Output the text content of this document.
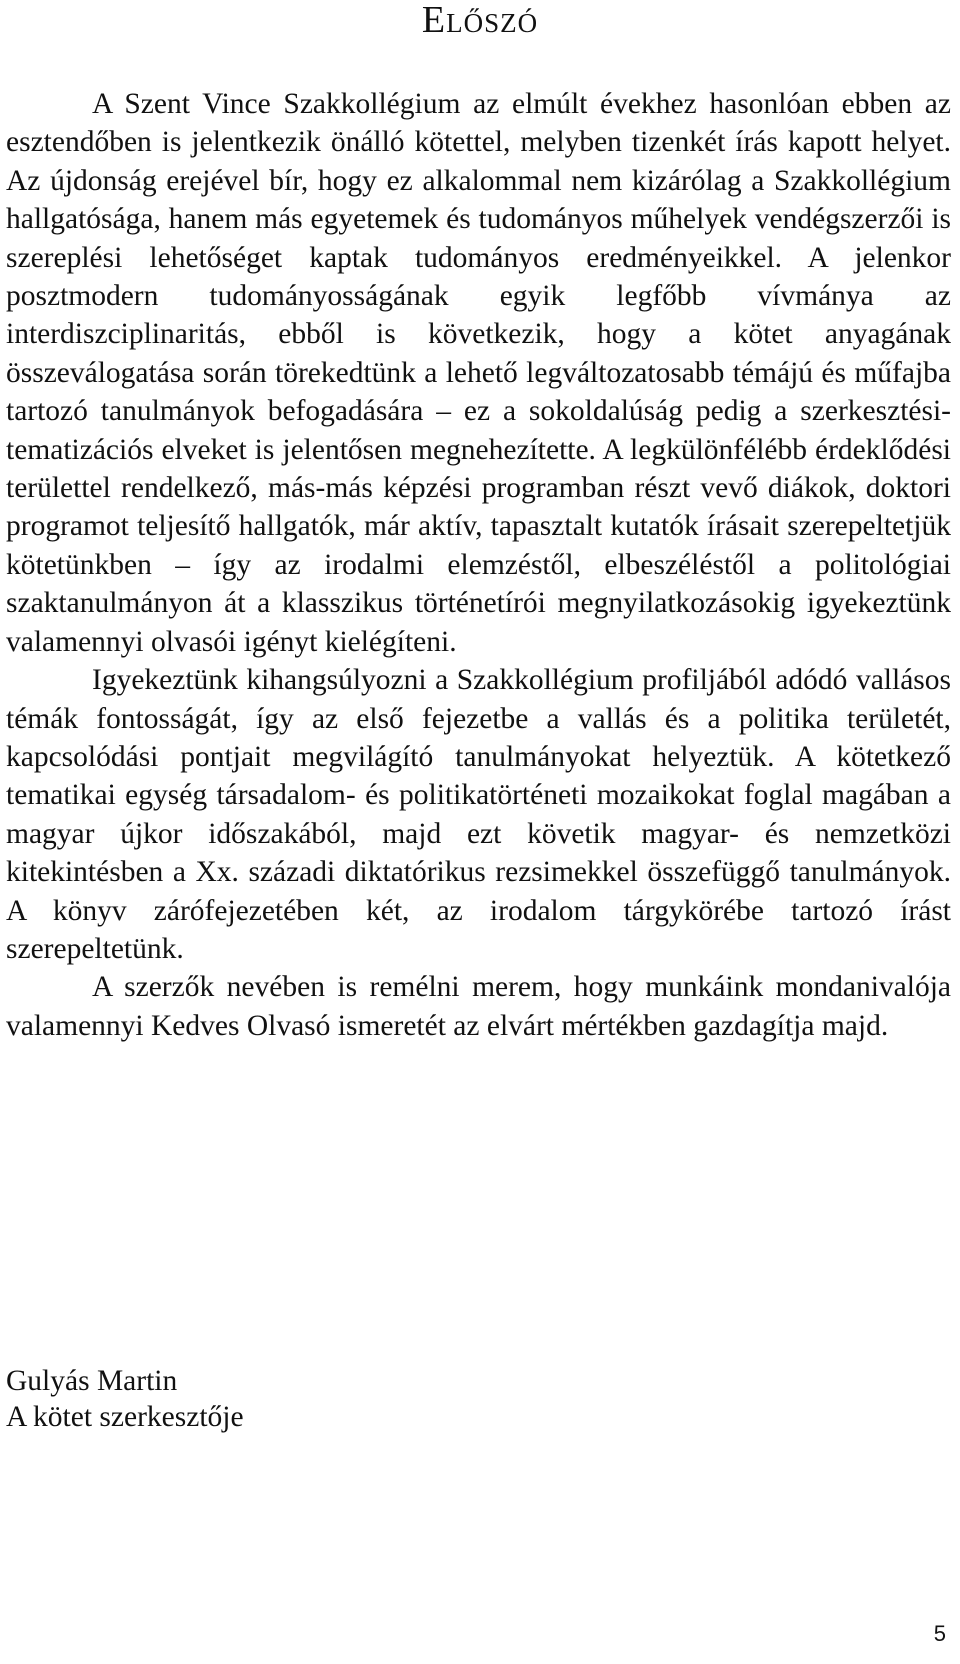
Előszó

A Szent Vince Szakkollégium az elmúlt évekhez hasonlóan ebben az esztendőben is jelentkezik önálló kötettel, melyben tizenkét írás kapott helyet. Az újdonság erejével bír, hogy ez alkalommal nem kizárólag a Szakkollégium hallgatósága, hanem más egyetemek és tudományos műhelyek vendégszerzői is szereplési lehetőséget kaptak tudományos eredményeikkel. A jelenkor posztmodern tudományosságának egyik legfőbb vívmánya az interdiszciplinaritás, ebből is következik, hogy a kötet anyagának összeválogatása során törekedtünk a lehető legváltozatosabb témájú és műfajba tartozó tanulmányok befogadására – ez a sokoldalúság pedig a szerkesztési-tematizációs elveket is jelentősen megnehezítette. A legkülönfélébb érdeklődési területtel rendelkező, más-más képzési programban részt vevő diákok, doktori programot teljesítő hallgatók, már aktív, tapasztalt kutatók írásait szerepeltetjük kötetünkben – így az irodalmi elemzéstől, elbeszéléstől a politológiai szaktanulmányon át a klasszikus történetírói megnyilatkozásokig igyekeztünk valamennyi olvasói igényt kielégíteni.

Igyekeztünk kihangsúlyozni a Szakkollégium profiljából adódó vallásos témák fontosságát, így az első fejezetbe a vallás és a politika területét, kapcsolódási pontjait megvilágító tanulmányokat helyeztük. A kötetkező tematikai egység társadalom- és politikatörténeti mozaikokat foglal magában a magyar újkor időszakából, majd ezt követik magyar- és nemzetközi kitekintésben a Xx. századi diktatórikus rezsimekkel összefüggő tanulmányok. A könyv zárófejezetében két, az irodalom tárgykörébe tartozó írást szerepeltetünk.

A szerzők nevében is remélni merem, hogy munkáink mondanivalója valamennyi Kedves Olvasó ismeretét az elvárt mértékben gazdagítja majd.

Gulyás Martin
A kötet szerkesztője
5
